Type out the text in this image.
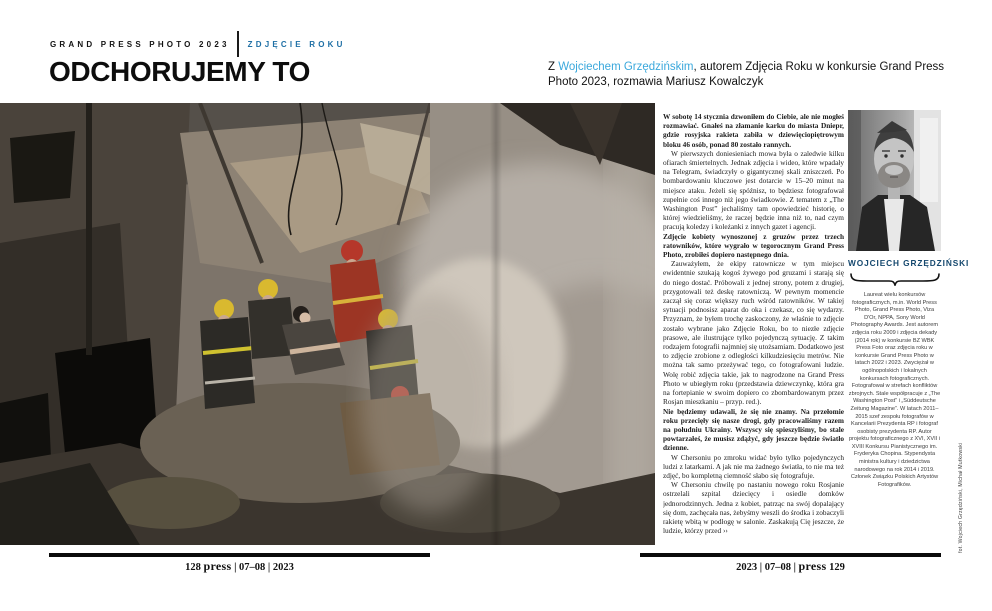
GRAND PRESS PHOTO 2023 ZDJĘCIE ROKU
ODCHORUJEMY TO	Z Wojciechem Grzędzińskim, autorem Zdjęcia Roku w konkursie Grand Press Photo 2023, rozmawia Mariusz Kowalczyk

W sobotę 14 stycznia dzwoniłem do Ciebie, ale nie mogłeś rozmawiać. Gnałeś na złamanie karku do miasta Dniepr, gdzie rosyjska rakieta zabiła w dziewięciopiętrowym bloku 46 osób, ponad 80 zostało rannych.

W pierwszych doniesieniach mowa była o zaledwie kilku ofiarach śmiertelnych. Jednak zdjęcia i wideo, które wpadały na Telegram, świadczyły o gigantycznej skali zniszczeń. Po bombardowaniu kluczowe jest dotarcie w 15–20 minut na miejsce ataku. Jeżeli się spóźnisz, to będziesz fotografował zupełnie coś innego niż jego świadkowie. Z tematem z „The Washington Post” jechaliśmy tam opowiedzieć historię, o której wiedzieliśmy, że raczej będzie inna niż to, nad czym pracują koledzy i koleżanki z innych gazet i agencji.

Zdjęcie kobiety wynoszonej z gruzów przez trzech ratowników, które wygrało w tegorocznym Grand Press Photo, zrobiłeś dopiero następnego dnia.

Zauważyłem, że ekipy ratownicze w tym miejscu ewidentnie szukają kogoś żywego pod gruzami i starają się do niego dostać. Próbowali z jednej strony, potem z drugiej, przygotowali też deskę ratowniczą. W pewnym momencie zaczął się coraz większy ruch wśród ratowników. W takiej sytuacji podnosisz aparat do oka i czekasz, co się wydarzy. Przyznam, że byłem trochę zaskoczony, że właśnie to zdjęcie zostało wybrane jako Zdjęcie Roku, bo to niezłe zdjęcie prasowe, ale ilustrujące tylko pojedynczą sytuację. Z takim rodzajem fotografii najmniej się utożsamiam. Dodatkowo jest to zdjęcie zrobione z odległości kilkudziesięciu metrów. Nie można tak samo przeżywać tego, co fotografowani ludzie. Wolę robić zdjęcia takie, jak to nagrodzone na Grand Press Photo w ubiegłym roku (przedstawia dziewczynkę, która gra na fortepianie w swoim dopiero co zbombardowanym przez Rosjan mieszkaniu – przyp. red.).

Nie będziemy udawali, że się nie znamy. Na przełomie roku przecięły się nasze drogi, gdy pracowaliśmy razem na południu Ukrainy. Wszyscy się spieszyliśmy, bo stale powtarzałeś, że musisz zdążyć, gdy jeszcze będzie światło dzienne.

W Chersoniu po zmroku widać było tylko pojedynczych ludzi z latarkami. A jak nie ma żadnego światła, to nie ma też zdjęć, bo kompletną ciemność słabo się fotografuje.

W Chersoniu chwilę po nastaniu nowego roku Rosjanie ostrzelali szpital dziecięcy i osiedle domków jednorodzinnych. Jedna z kobiet, patrząc na swój dopalający się dom, zachęcała nas, żebyśmy weszli do środka i zobaczyli rakietę wbitą w podłogę w salonie. Zaskakują Cię jeszcze, że ludzie, którzy przed ››

WOJCIECH GRZĘDZIŃSKI

Laureat wielu konkursów fotograficznych, m.in. World Press Photo, Grand Press Photo, Viza D'Or, NPPA, Sony World Photography Awards. Jest autorem zdjęcia roku 2009 i zdjęcia dekady (2014 rok) w konkursie BZ WBK Press Foto oraz zdjęcia roku w konkursie Grand Press Photo w latach 2022 i 2023. Zwyciężał w ogólnopolskich i lokalnych konkursach fotograficznych. Fotografował w strefach konfliktów zbrojnych. Stale współpracuje z „The Washington Post” i „Süddeutsche Zeitung Magazine”. W latach 2011–2015 szef zespołu fotografów w Kancelarii Prezydenta RP i fotograf osobisty prezydenta RP. Autor projektu fotograficznego z XVI, XVII i XVIII Konkursu Pianistycznego im. Fryderyka Chopina. Stypendysta ministra kultury i dziedzictwa narodowego na rok 2014 i 2019. Członek Związku Polskich Artystów Fotografików.

128 press | 07–08 | 2023	2023 | 07–08 | press 129
fot. Wojciech Grzędziński, Michał Mutkowski
